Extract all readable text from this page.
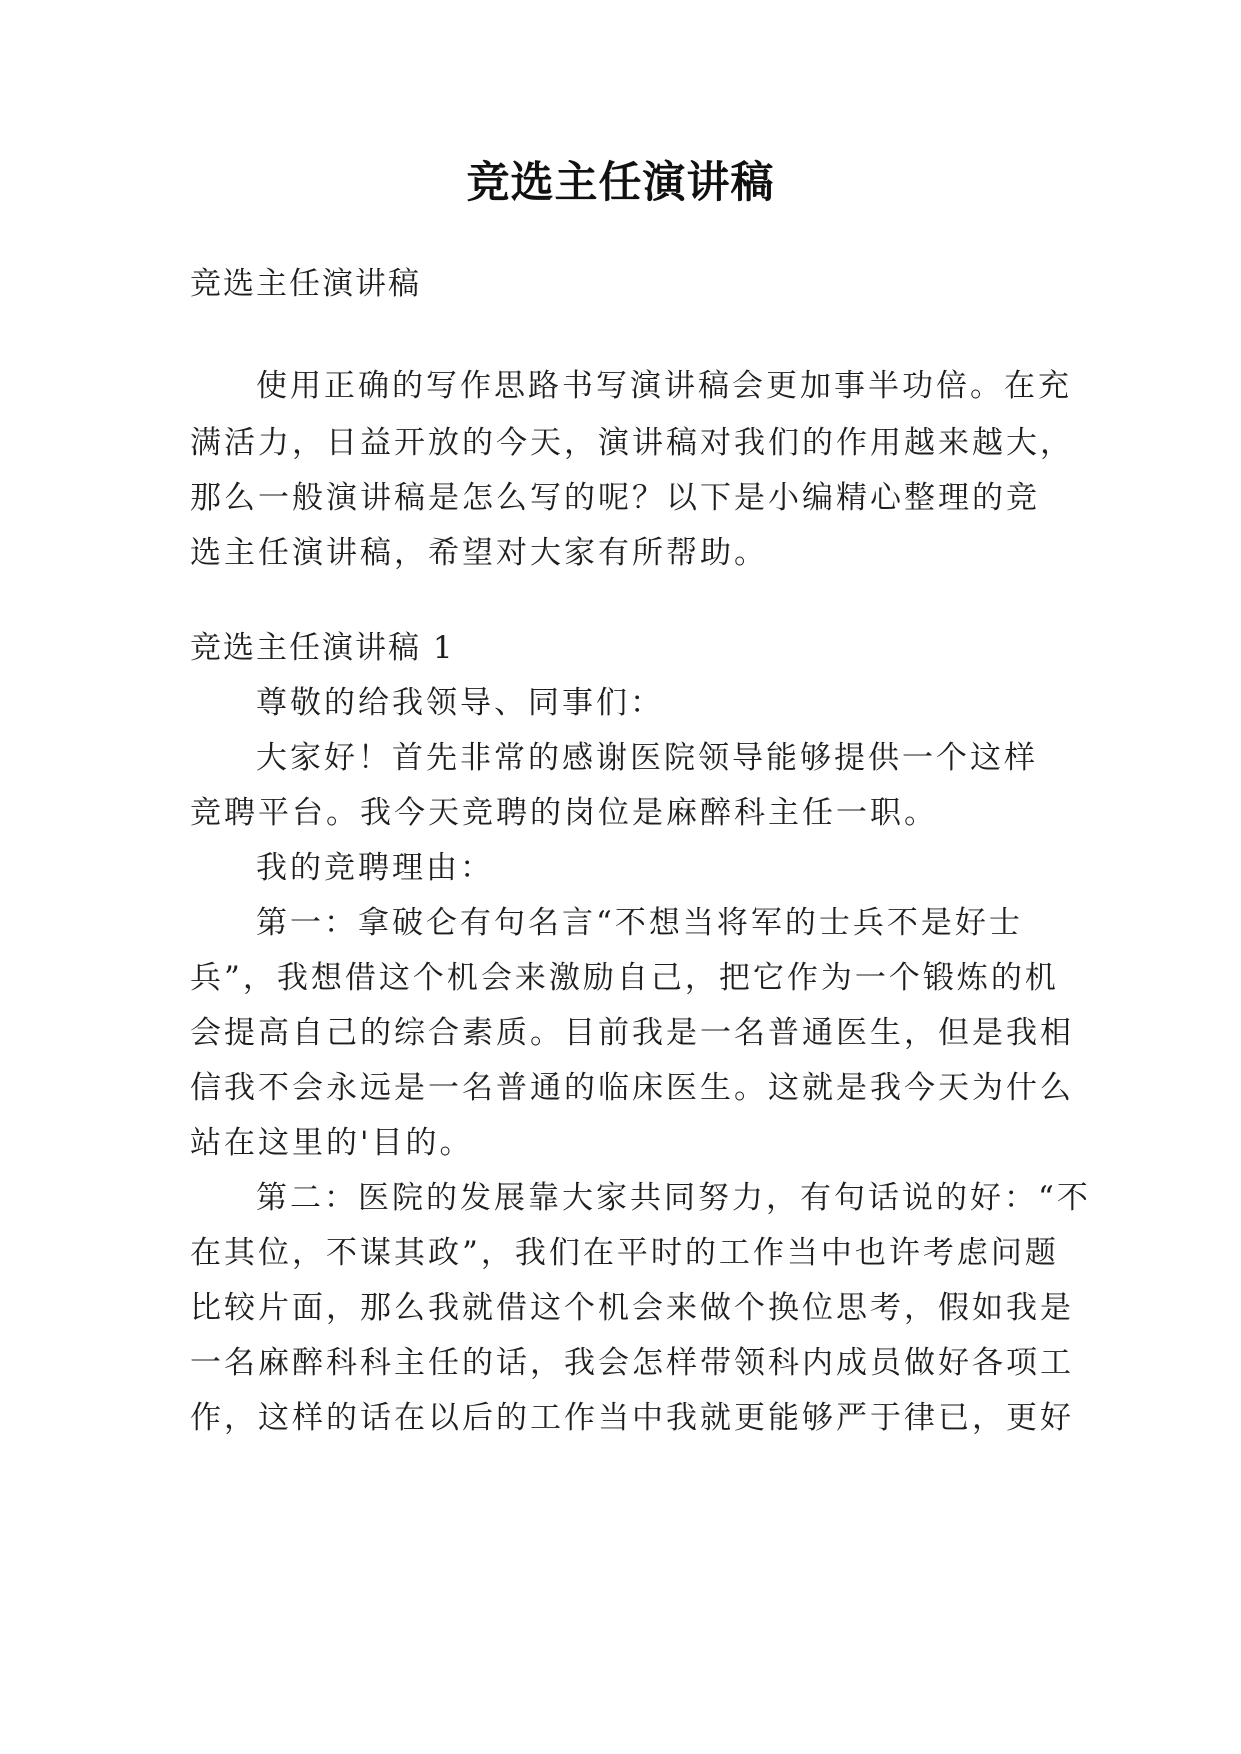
竞选主任演讲稿

竞选主任演讲稿

使用正确的写作思路书写演讲稿会更加事半功倍。在充

满活力，日益开放的今天，演讲稿对我们的作用越来越大，

那么一般演讲稿是怎么写的呢？以下是小编精心整理的竞

选主任演讲稿，希望对大家有所帮助。

竞选主任演讲稿 1

尊敬的给我领导、同事们：

大家好！首先非常的感谢医院领导能够提供一个这样

竞聘平台。我今天竞聘的岗位是麻醉科主任一职。

我的竞聘理由：

第一：拿破仑有句名言“不想当将军的士兵不是好士

兵”，我想借这个机会来激励自己，把它作为一个锻炼的机

会提高自己的综合素质。目前我是一名普通医生，但是我相

信我不会永远是一名普通的临床医生。这就是我今天为什么

站在这里的'目的。

第二：医院的发展靠大家共同努力，有句话说的好：“不

在其位，不谋其政”，我们在平时的工作当中也许考虑问题

比较片面，那么我就借这个机会来做个换位思考，假如我是

一名麻醉科科主任的话，我会怎样带领科内成员做好各项工

作，这样的话在以后的工作当中我就更能够严于律已，更好
